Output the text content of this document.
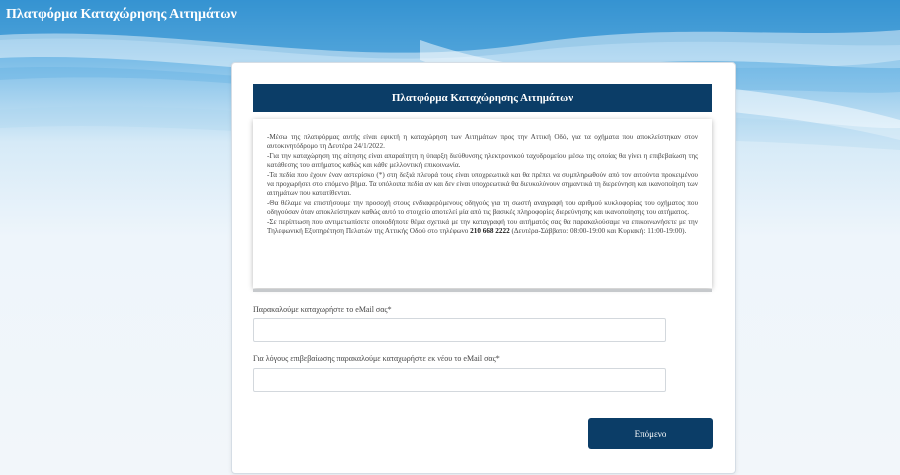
Πλατφόρμα Καταχώρησης Αιτημάτων
Πλατφόρμα Καταχώρησης Αιτημάτων

-Μέσω της πλατφόρμας αυτής είναι εφικτή η καταχώρηση των Αιτημάτων προς την Αττική Οδό, για τα οχήματα που αποκλείστηκαν στον αυτοκινητόδρομο τη Δευτέρα 24/1/2022.

-Για την καταχώρηση της αίτησης είναι απαραίτητη η ύπαρξη διεύθυνσης ηλεκτρονικού ταχυδρομείου μέσω της οποίας θα γίνει η επιβεβαίωση της κατάθεσης του αιτήματος καθώς και κάθε μελλοντική επικοινωνία.

-Τα πεδία που έχουν έναν αστερίσκο (*) στη δεξιά πλευρά τους είναι υποχρεωτικά και θα πρέπει να συμπληρωθούν από τον αιτούντα προκειμένου να προχωρήσει στο επόμενο βήμα. Τα υπόλοιπα πεδία αν και δεν είναι υποχρεωτικά θα διευκολύνουν σημαντικά τη διερεύνηση και ικανοποίηση των αιτημάτων που κατατίθενται.

-Θα θέλαμε να επιστήσουμε την προσοχή στους ενδιαφερόμενους οδηγούς για τη σωστή αναγραφή του αριθμού κυκλοφορίας του οχήματος που οδηγούσαν όταν αποκλείστηκαν καθώς αυτό το στοιχείο αποτελεί μία από τις βασικές πληροφορίες διερεύνησης και ικανοποίησης του αιτήματος.

-Σε περίπτωση που αντιμετωπίσετε οποιοδήποτε θέμα σχετικά με την καταγραφή του αιτήματός σας θα παρακαλούσαμε να επικοινωνήσετε με την Τηλεφωνική Εξυπηρέτηση Πελατών της Αττικής Οδού στο τηλέφωνο 210 668 2222 (Δευτέρα-Σάββατο: 08:00-19:00 και Κυριακή: 11:00-19:00).

Παρακαλούμε καταχωρήστε το eMail σας*
Για λόγους επιβεβαίωσης παρακαλούμε καταχωρήστε εκ νέου το eMail σας*
Επόμενο
